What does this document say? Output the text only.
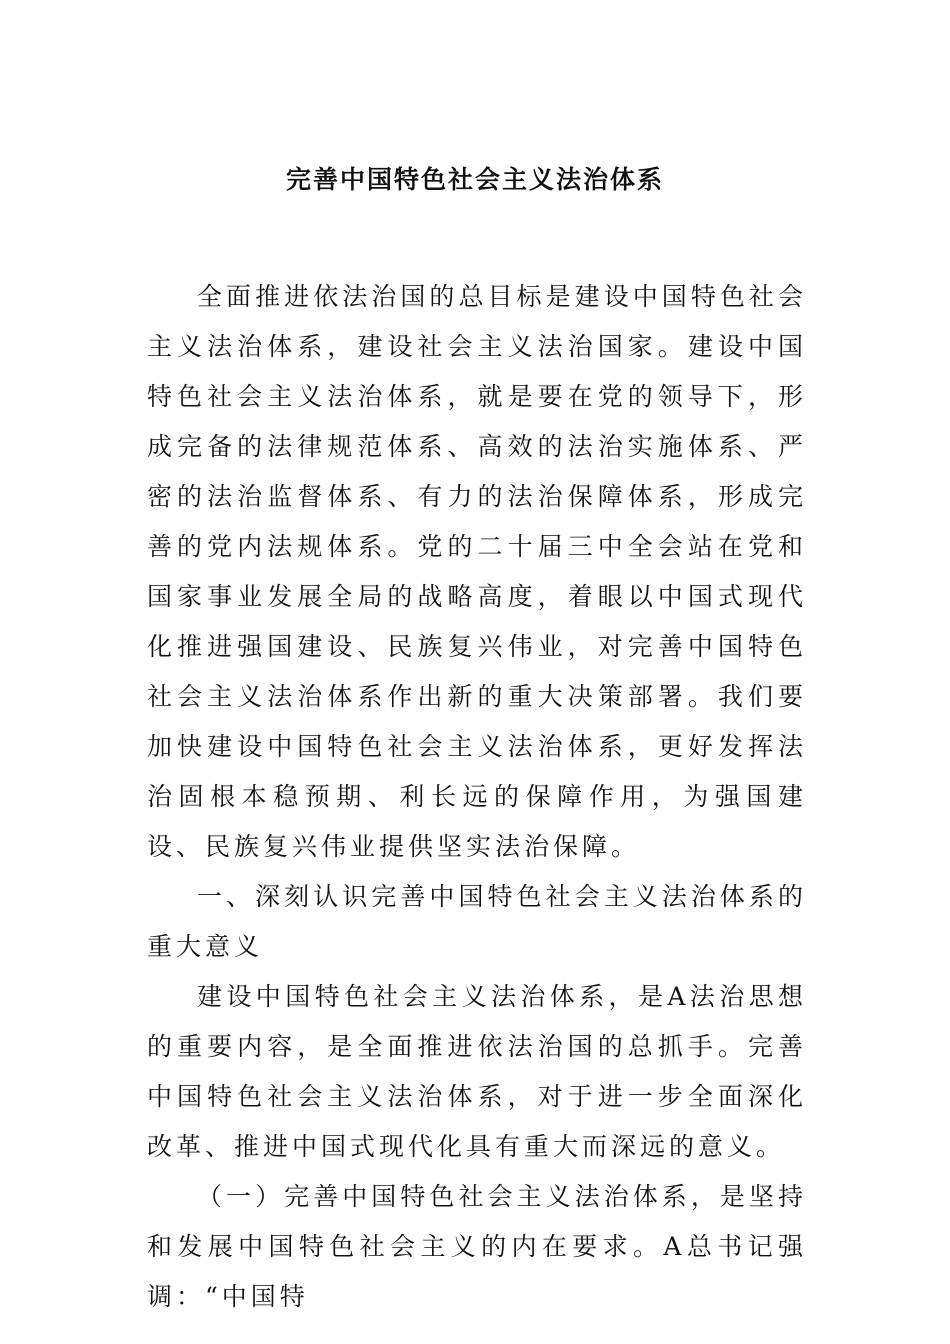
完善中国特色社会主义法治体系

全面推进依法治国的总目标是建设中国特色社会主义法治体系，建设社会主义法治国家。建设中国特色社会主义法治体系，就是要在党的领导下，形成完备的法律规范体系、高效的法治实施体系、严密的法治监督体系、有力的法治保障体系，形成完善的党内法规体系。党的二十届三中全会站在党和国家事业发展全局的战略高度，着眼以中国式现代化推进强国建设、民族复兴伟业，对完善中国特色社会主义法治体系作出新的重大决策部署。我们要加快建设中国特色社会主义法治体系，更好发挥法治固根本稳预期、利长远的保障作用，为强国建设、民族复兴伟业提供坚实法治保障。

一、深刻认识完善中国特色社会主义法治体系的重大意义

建设中国特色社会主义法治体系，是A法治思想的重要内容，是全面推进依法治国的总抓手。完善中国特色社会主义法治体系，对于进一步全面深化改革、推进中国式现代化具有重大而深远的意义。

（一）完善中国特色社会主义法治体系，是坚持和发展中国特色社会主义的内在要求。A总书记强调：“中国特
